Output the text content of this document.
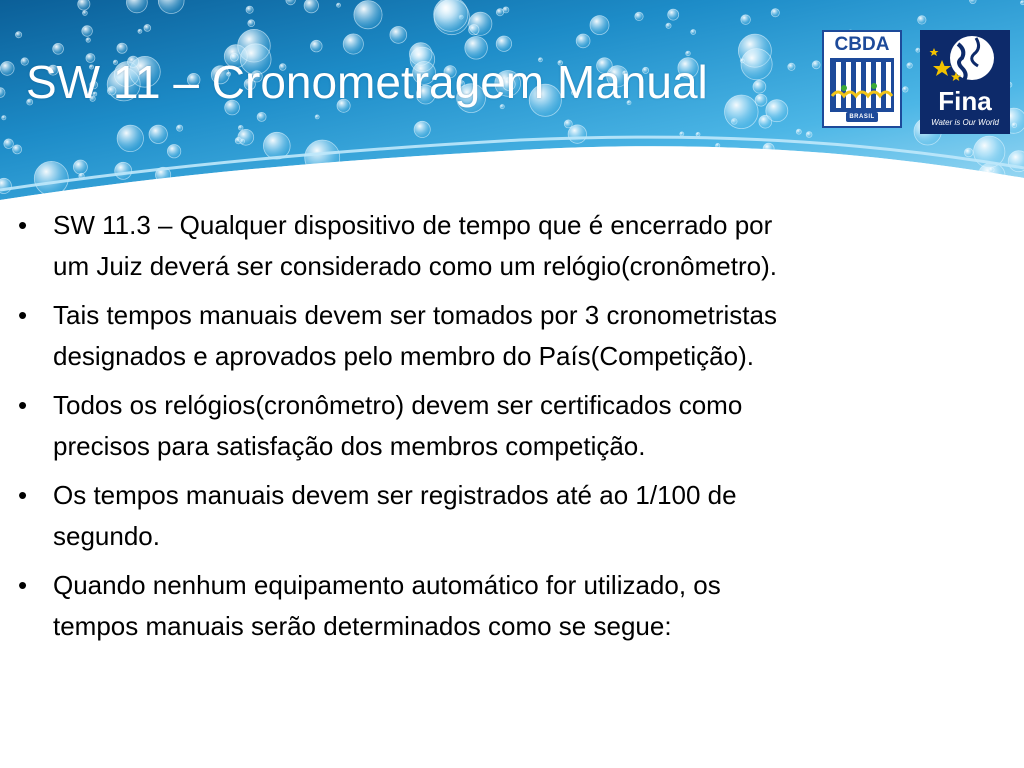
SW 11 – Cronometragem Manual
CBDA
BRASIL
Fina
Water is Our World
• SW 11.3 – Qualquer dispositivo de tempo que é encerrado por
um Juiz deverá ser considerado como um relógio(cronômetro).
• Tais tempos manuais devem ser tomados por 3 cronometristas
designados e aprovados pelo membro do País(Competição).
• Todos os relógios(cronômetro) devem ser certificados como
precisos para satisfação dos membros competição.
• Os tempos manuais devem ser registrados até ao 1/100 de
segundo.
• Quando nenhum equipamento automático for utilizado, os
tempos manuais serão determinados como se segue:
